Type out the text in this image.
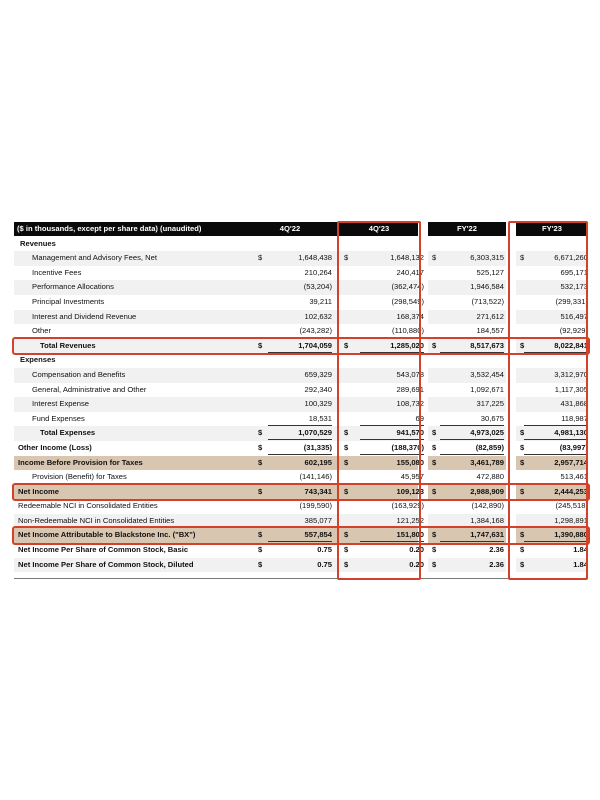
($ in thousands, except per share data) (unaudited)	4Q'22	4Q'23	FY'22	FY'23
Revenues
Management and Advisory Fees, Net	$	1,648,438 $	1,648,132 $	6,303,315 $	6,671,260
Incentive Fees	210,264	240,417	525,127	695,171
Performance Allocations	(53,204)	(362,474)	1,946,584	532,173
Principal Investments	39,211	(298,549)	(713,522)	(299,331)
Interest and Dividend Revenue	102,632	168,374	271,612	516,497
Other	(243,282)	(110,880)	184,557	(92,929)
Total Revenues	$	1,704,059 $	1,285,020 $	8,517,673 $	8,022,841
Expenses
Compensation and Benefits	659,329	543,078	3,532,454	3,312,970
General, Administrative and Other	292,340	289,691	1,092,671	1,117,305
Interest Expense	100,329	108,732	317,225	431,868
Fund Expenses	18,531	69	30,675	118,987
Total Expenses	$	1,070,529 $	941,570 $	4,973,025 $	4,981,130
Other Income (Loss)	$	(31,335) $	(188,370) $	(82,859) $	(83,997)
Income Before Provision for Taxes	$	602,195 $	155,080 $	3,461,789 $	2,957,714
Provision (Benefit) for Taxes	(141,146)	45,957	472,880	513,461
Net Income	$	743,341 $	109,123 $	2,988,909 $	2,444,253
Redeemable NCI in Consolidated Entities	(199,590)	(163,929)	(142,890)	(245,518)
Non-Redeemable NCI in Consolidated Entities	385,077	121,252	1,384,168	1,298,891
Net Income Attributable to Blackstone Inc. ("BX")	$	557,854 $	151,800 $	1,747,631 $	1,390,880
Net Income Per Share of Common Stock, Basic	$	0.75 $	0.20 $	2.36 $	1.84
Net Income Per Share of Common Stock, Diluted	$	0.75 $	0.20 $	2.36 $	1.84
